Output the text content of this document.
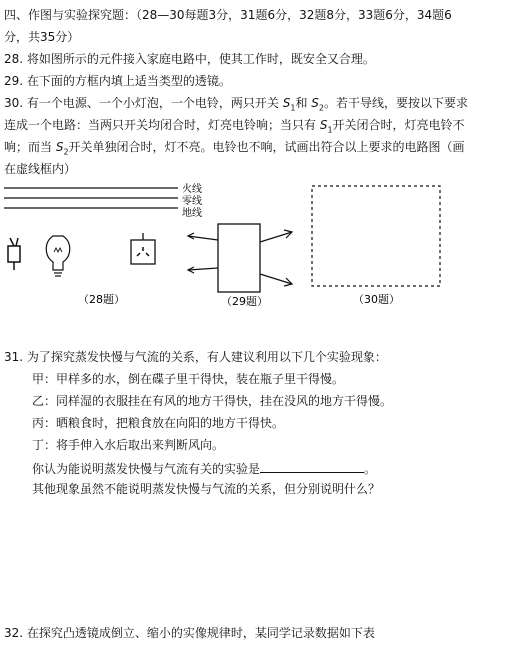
四、作图与实验探究题：（28—30每题3分，31题6分，32题8分，33题6分，34题6
分，共35分）
28. 将如图所示的元件接入家庭电路中，使其工作时，既安全又合理。
29. 在下面的方框内填上适当类型的透镜。
30. 有一个电源、一个小灯泡，一个电铃，两只开关 $S_1$和 $S_2$。若干导线，要按以下要求
连成一个电路：当两只开关均闭合时，灯亮电铃响；当只有 $S_1$开关闭合时，灯亮电铃不
响；而当 $S_2$开关单独闭合时，灯不亮。电铃也不响，试画出符合以上要求的电路图（画
在虚线框内）
火线
零线
地线
（28题）	（29题）	（30题）
31. 为了探究蒸发快慢与气流的关系，有人建议利用以下几个实验现象：
甲：甲样多的水，倒在碟子里干得快，装在瓶子里干得慢。
乙：同样湿的衣服挂在有风的地方干得快，挂在没风的地方干得慢。
丙：晒粮食时，把粮食放在向阳的地方干得快。
丁：将手伸入水后取出来判断风向。
你认为能说明蒸发快慢与气流有关的实验是	。
其他现象虽然不能说明蒸发快慢与气流的关系，但分别说明什么？
32. 在探究凸透镜成倒立、缩小的实像规律时，某同学记录数据如下表
